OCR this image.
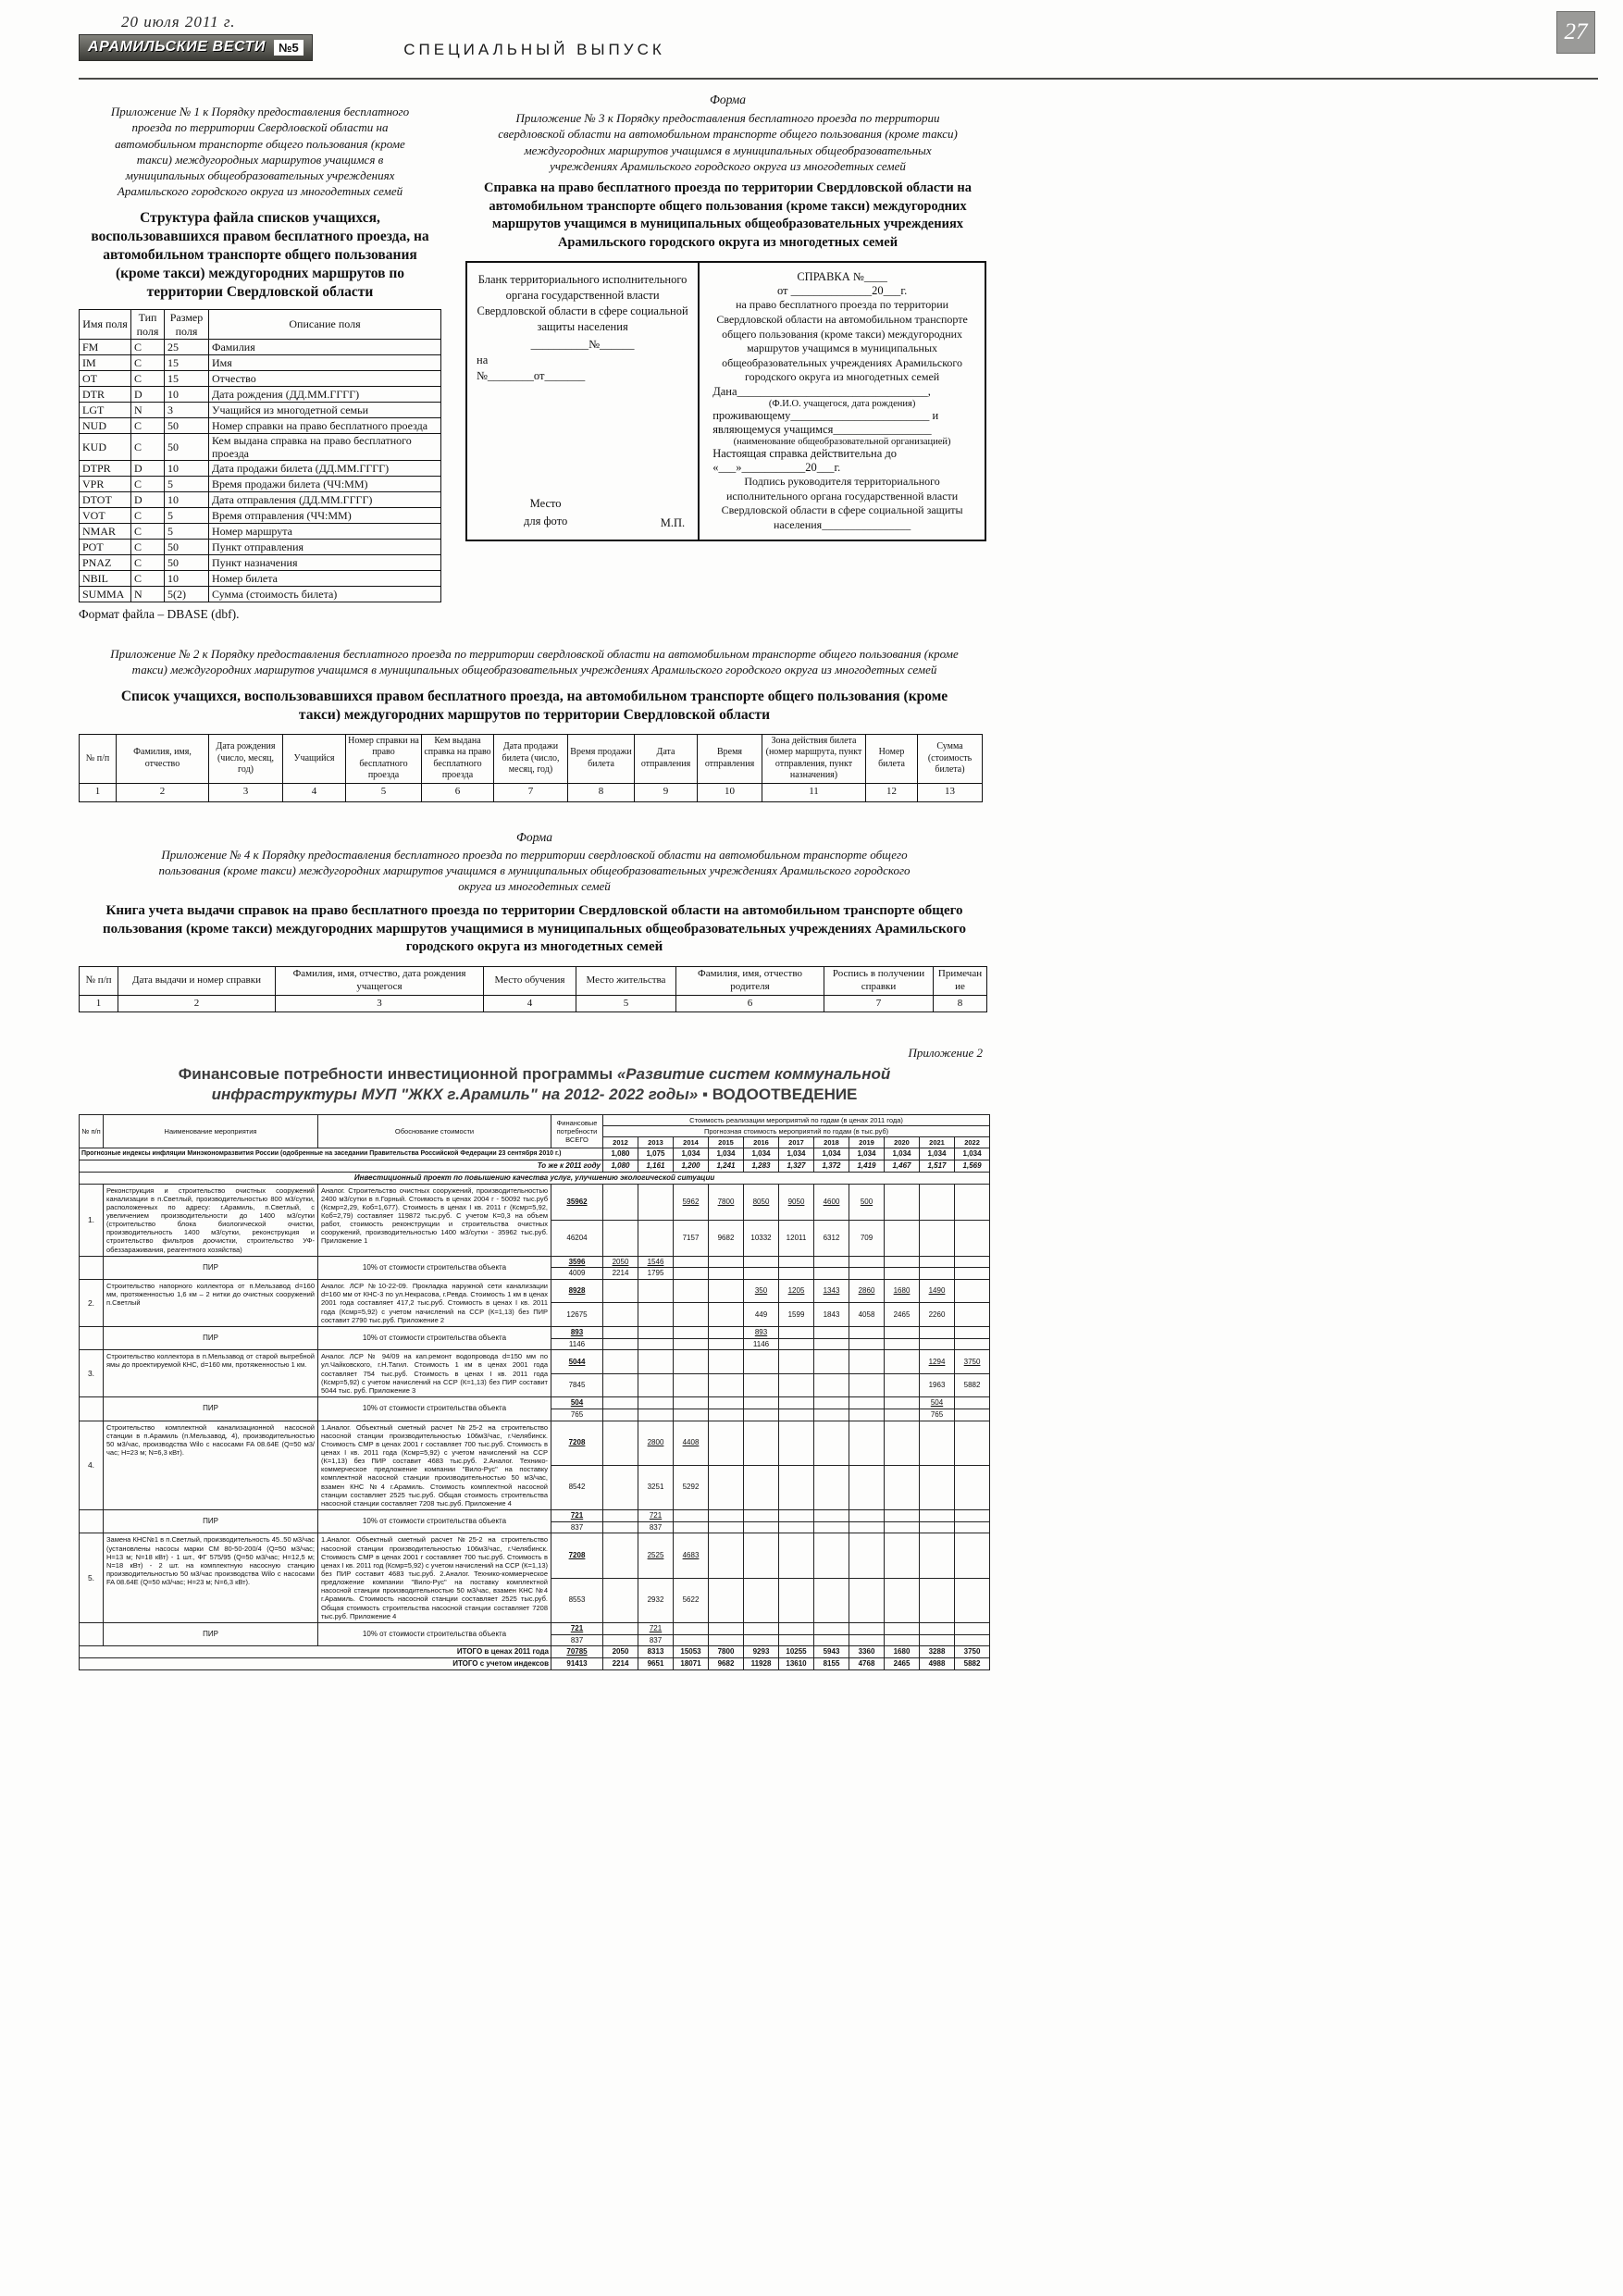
20 июля 2011 г.
АРАМИЛЬСКИЕ ВЕСТИ	№5	СПЕЦИАЛЬНЫЙ ВЫПУСК
27

Приложение № 1 к Порядку предоставления бесплатного проезда по территории Свердловской области на автомобильном транспорте общего пользования (кроме такси) междугородных маршрутов учащимся в муниципальных общеобразовательных учреждениях Арамильского городского округа из многодетных семей

Структура файла списков учащихся, воспользовавшихся правом бесплатного проезда, на автомобильном транспорте общего пользования (кроме такси) междугородних маршрутов по территории Свердловской области
Имя поля	Тип поля	Размер поля	Описание поля
FM	C	25	Фамилия
IM	C	15	Имя
OT	C	15	Отчество
DTR	D	10	Дата рождения (ДД.ММ.ГГГГ)
LGT	N	3	Учащийся из многодетной семьи
NUD	C	50	Номер справки на право бесплатного проезда
KUD	C	50	Кем выдана справка на право бесплатного проезда
DTPR	D	10	Дата продажи билета (ДД.ММ.ГГГГ)
VPR	C	5	Время продажи билета (ЧЧ:ММ)
DTOT	D	10	Дата отправления (ДД.ММ.ГГГГ)
VOT	C	5	Время отправления (ЧЧ:ММ)
NMAR	C	5	Номер маршрута
POT	C	50	Пункт отправления
PNAZ	C	50	Пункт назначения
NBIL	C	10	Номер билета
SUMMA	N	5(2)	Сумма (стоимость билета)

Формат файла – DBASE (dbf).

Форма

Приложение № 3 к Порядку предоставления бесплатного проезда по территории свердловской области на автомобильном транспорте общего пользования (кроме такси) междугородних маршрутов учащимся в муниципальных общеобразовательных учреждениях Арамильского городского округа из многодетных семей

Справка на право бесплатного проезда по территории Свердловской области на автомобильном транспорте общего пользования (кроме такси) междугородних маршрутов учащимся в муниципальных общеобразовательных учреждениях Арамильского городского округа из многодетных семей

Бланк территориального исполнительного органа государственной власти Свердловской области в сфере социальной защиты населения

__________№______

на

№________от_______

Место для фото	М.П.

СПРАВКА №____

от ______________20___г.

на право бесплатного проезда по территории Свердловской области на автомобильном транспорте общего пользования (кроме такси) междугородних маршрутов учащимся в муниципальных общеобразовательных учреждениях Арамильского городского округа из многодетных семей

Дана_________________________________,

(Ф.И.О. учащегося, дата рождения)

проживающему________________________ и

являющемуся учащимся_________________

(наименование общеобразовательной организацией)

Настоящая справка действительна до «___»___________20___г.

Подпись руководителя территориального исполнительного органа государственной власти Свердловской области в сфере социальной защиты населения________________

Приложение № 2 к Порядку предоставления бесплатного проезда по территории свердловской области на автомобильном транспорте общего пользования (кроме такси) междугородних маршрутов учащимся в муниципальных общеобразовательных учреждениях Арамильского городского округа из многодетных семей

Список учащихся, воспользовавшихся правом бесплатного проезда, на автомобильном транспорте общего пользования (кроме такси) междугородних маршрутов по территории Свердловской области
№ п/п	Фамилия, имя, отчество	Дата рождения (число, месяц, год)	Учащийся	Номер справки на право бесплатного проезда	Кем выдана справка на право бесплатного проезда	Дата продажи билета (число, месяц, год)	Время продажи билета	Дата отправления	Время отправления	Зона действия билета (номер маршрута, пункт отправления, пункт назначения)	Номер билета	Сумма (стоимость билета)
1	2	3	4	5	6	7	8	9	10	11	12	13

Форма

Приложение № 4 к Порядку предоставления бесплатного проезда по территории свердловской области на автомобильном транспорте общего пользования (кроме такси) междугородних маршрутов учащимся в муниципальных общеобразовательных учреждениях Арамильского городского округа из многодетных семей

Книга учета выдачи справок на право бесплатного проезда по территории Свердловской области на автомобильном транспорте общего пользования (кроме такси) междугородних маршрутов учащимися в муниципальных общеобразовательных учреждениях Арамильского городского округа из многодетных семей
№ п/п	Дата выдачи и номер справки	Фамилия, имя, отчество, дата рождения учащегося	Место обучения	Место жительства	Фамилия, имя, отчество родителя	Роспись в получении справки	Примечание
1	2	3	4	5	6	7	8

Приложение 2

Финансовые потребности инвестиционной программы «Развитие систем коммунальной инфраструктуры МУП "ЖКХ г.Арамиль" на 2012- 2022 годы» ▪ ВОДООТВЕДЕНИЕ
№ п/п	Наименование мероприятия	Обоснование стоимости	Финансовые потребности ВСЕГО	Стоимость реализации мероприятий по годам (в ценах 2011 года)										
				Прогнозная стоимость мероприятий по годам (в тыс.руб)										
				2012	2013	2014	2015	2016	2017	2018	2019	2020	2021	2022
Прогнозные индексы инфляции Минэкономразвития России (одобренные на заседании Правительства Российской Федерации 23 сентября 2010 г.)				1,080	1,075	1,034	1,034	1,034	1,034	1,034	1,034	1,034	1,034	1,034
То же к 2011 году				1,080	1,161	1,200	1,241	1,283	1,327	1,372	1,419	1,467	1,517	1,569
Инвестиционный проект по повышению качества услуг, улучшению экологической ситуации														
1.	Реконструкция и строительство очистных сооружений канализации в п.Светлый, производительностью 800 м3/сутки, расположенных по адресу: г.Арамиль, п.Светлый, с увеличением производительности до 1400 м3/сутки (строительство блока биологической очистки, производительность 1400 м3/сутки, реконструкция и строительство фильтров доочистки, строительство УФ-обеззараживания, реагентного хозяйства)	Аналог. Строительство очистных сооружений, производительностью 2400 м3/сутки в п.Горный. Стоимость в ценах 2004 г - 50092 тыс.руб (Ксмр=2,29, Коб=1,677). Стоимость в ценах I кв. 2011 г (Ксмр=5,92, Коб=2,79) составляет 119872 тыс.руб. С учетом К=0,3 на объем работ, стоимость реконструкции и строительства очистных сооружений, производительностью 1400 м3/сутки - 35962 тыс.руб. Приложение 1	35962			5962	7800	8050	9050	4600	500			
			46204			7157	9682	10332	12011	6312	709			
	ПИР	10% от стоимости строительства объекта	3596	2050	1546									
			4009	2214	1795									
2.	Строительство напорного коллектора от п.Мельзавод d=160 мм, протяженностью 1,6 км – 2 нитки до очистных сооружений п.Светлый	Аналог. ЛСР №10-22-09. Прокладка наружной сети канализации d=160 мм от КНС-3 по ул.Некрасова, г.Ревда. Стоимость 1 км в ценах 2001 года составляет 417,2 тыс.руб. Стоимость в ценах I кв. 2011 года (Ксмр=5,92) с учетом начислений на ССР (К=1,13) без ПИР составит 2790 тыс.руб. Приложение 2	8928					350	1205	1343	2860	1680	1490	
			12675					449	1599	1843	4058	2465	2260	
	ПИР	10% от стоимости строительства объекта	893					893						
			1146					1146						
3.	Строительство коллектора в п.Мельзавод от старой выгребной ямы до проектируемой КНС, d=160 мм, протяженностью 1 км.	Аналог. ЛСР № 94/09 на кап.ремонт водопровода d=150 мм по ул.Чайковского, г.Н.Тагил. Стоимость 1 км в ценах 2001 года составляет 754 тыс.руб. Стоимость в ценах I кв. 2011 года (Ксмр=5,92) с учетом начислений на ССР (К=1,13) без ПИР составит 5044 тыс. руб. Приложение 3	5044										1294	3750
			7845										1963	5882
	ПИР	10% от стоимости строительства объекта	504										504	
			765										765	
4.	Строительство комплектной канализационной насосной станции в п.Арамиль (п.Мельзавод, 4), производительностью 50 м3/час, производства Wilo с насосами FA 08.64E (Q=50 м3/час; H=23 м; N=6,3 кВт).	1.Аналог. Объектный сметный расчет №25-2 на строительство насосной станции производительностью 106м3/час, г.Челябинск. Стоимость СМР в ценах 2001 г составляет 700 тыс.руб. Стоимость в ценах I кв. 2011 года (Ксмр=5,92) с учетом начислений на ССР (К=1,13) без ПИР составит 4683 тыс.руб. 2.Аналог. Технико-коммерческое предложение компании "Вило-Рус" на поставку комплектной насосной станции производительностью 50 м3/час, взамен КНС №4 г.Арамиль. Стоимость комплектной насосной станции составляет 2525 тыс.руб. Общая стоимость строительства насосной станции составляет 7208 тыс.руб. Приложение 4	7208		2800	4408								
			8542		3251	5292								
	ПИР	10% от стоимости строительства объекта	721		721									
			837		837									
5.	Замена КНС№1 в п.Светлый, производительность 45..50 м3/час (установлены насосы марки СМ 80-50-200/4 (Q=50 м3/час; H=13 м; N=18 кВт) - 1 шт., ФГ 575/95 (Q=50 м3/час; H=12,5 м; N=18 кВт) - 2 шт. на комплектную насосную станцию производительностью 50 м3/час производства Wilo с насосами FA 08.64E (Q=50 м3/час; H=23 м; N=6,3 кВт).	1.Аналог. Объектный сметный расчет №25-2 на строительство насосной станции производительностью 106м3/час, г.Челябинск. Стоимость СМР в ценах 2001 г составляет 700 тыс.руб. Стоимость в ценах I кв. 2011 год (Ксмр=5,92) с учетом начислений на ССР (К=1,13) без ПИР составит 4683 тыс.руб. 2.Аналог. Технико-коммерческое предложение компании "Вило-Рус" на поставку комплектной насосной станции производительностью 50 м3/час, взамен КНС №4 г.Арамиль. Стоимость насосной станции составляет 2525 тыс.руб. Общая стоимость строительства насосной станции составляет 7208 тыс.руб. Приложение 4	7208		2525	4683								
			8553		2932	5622								
	ПИР	10% от стоимости строительства объекта	721		721									
			837		837									
ИТОГО в ценах 2011 года			70785	2050	8313	15053	7800	9293	10255	5943	3360	1680	3288	3750
ИТОГО с учетом индексов			91413	2214	9651	18071	9682	11928	13610	8155	4768	2465	4988	5882
